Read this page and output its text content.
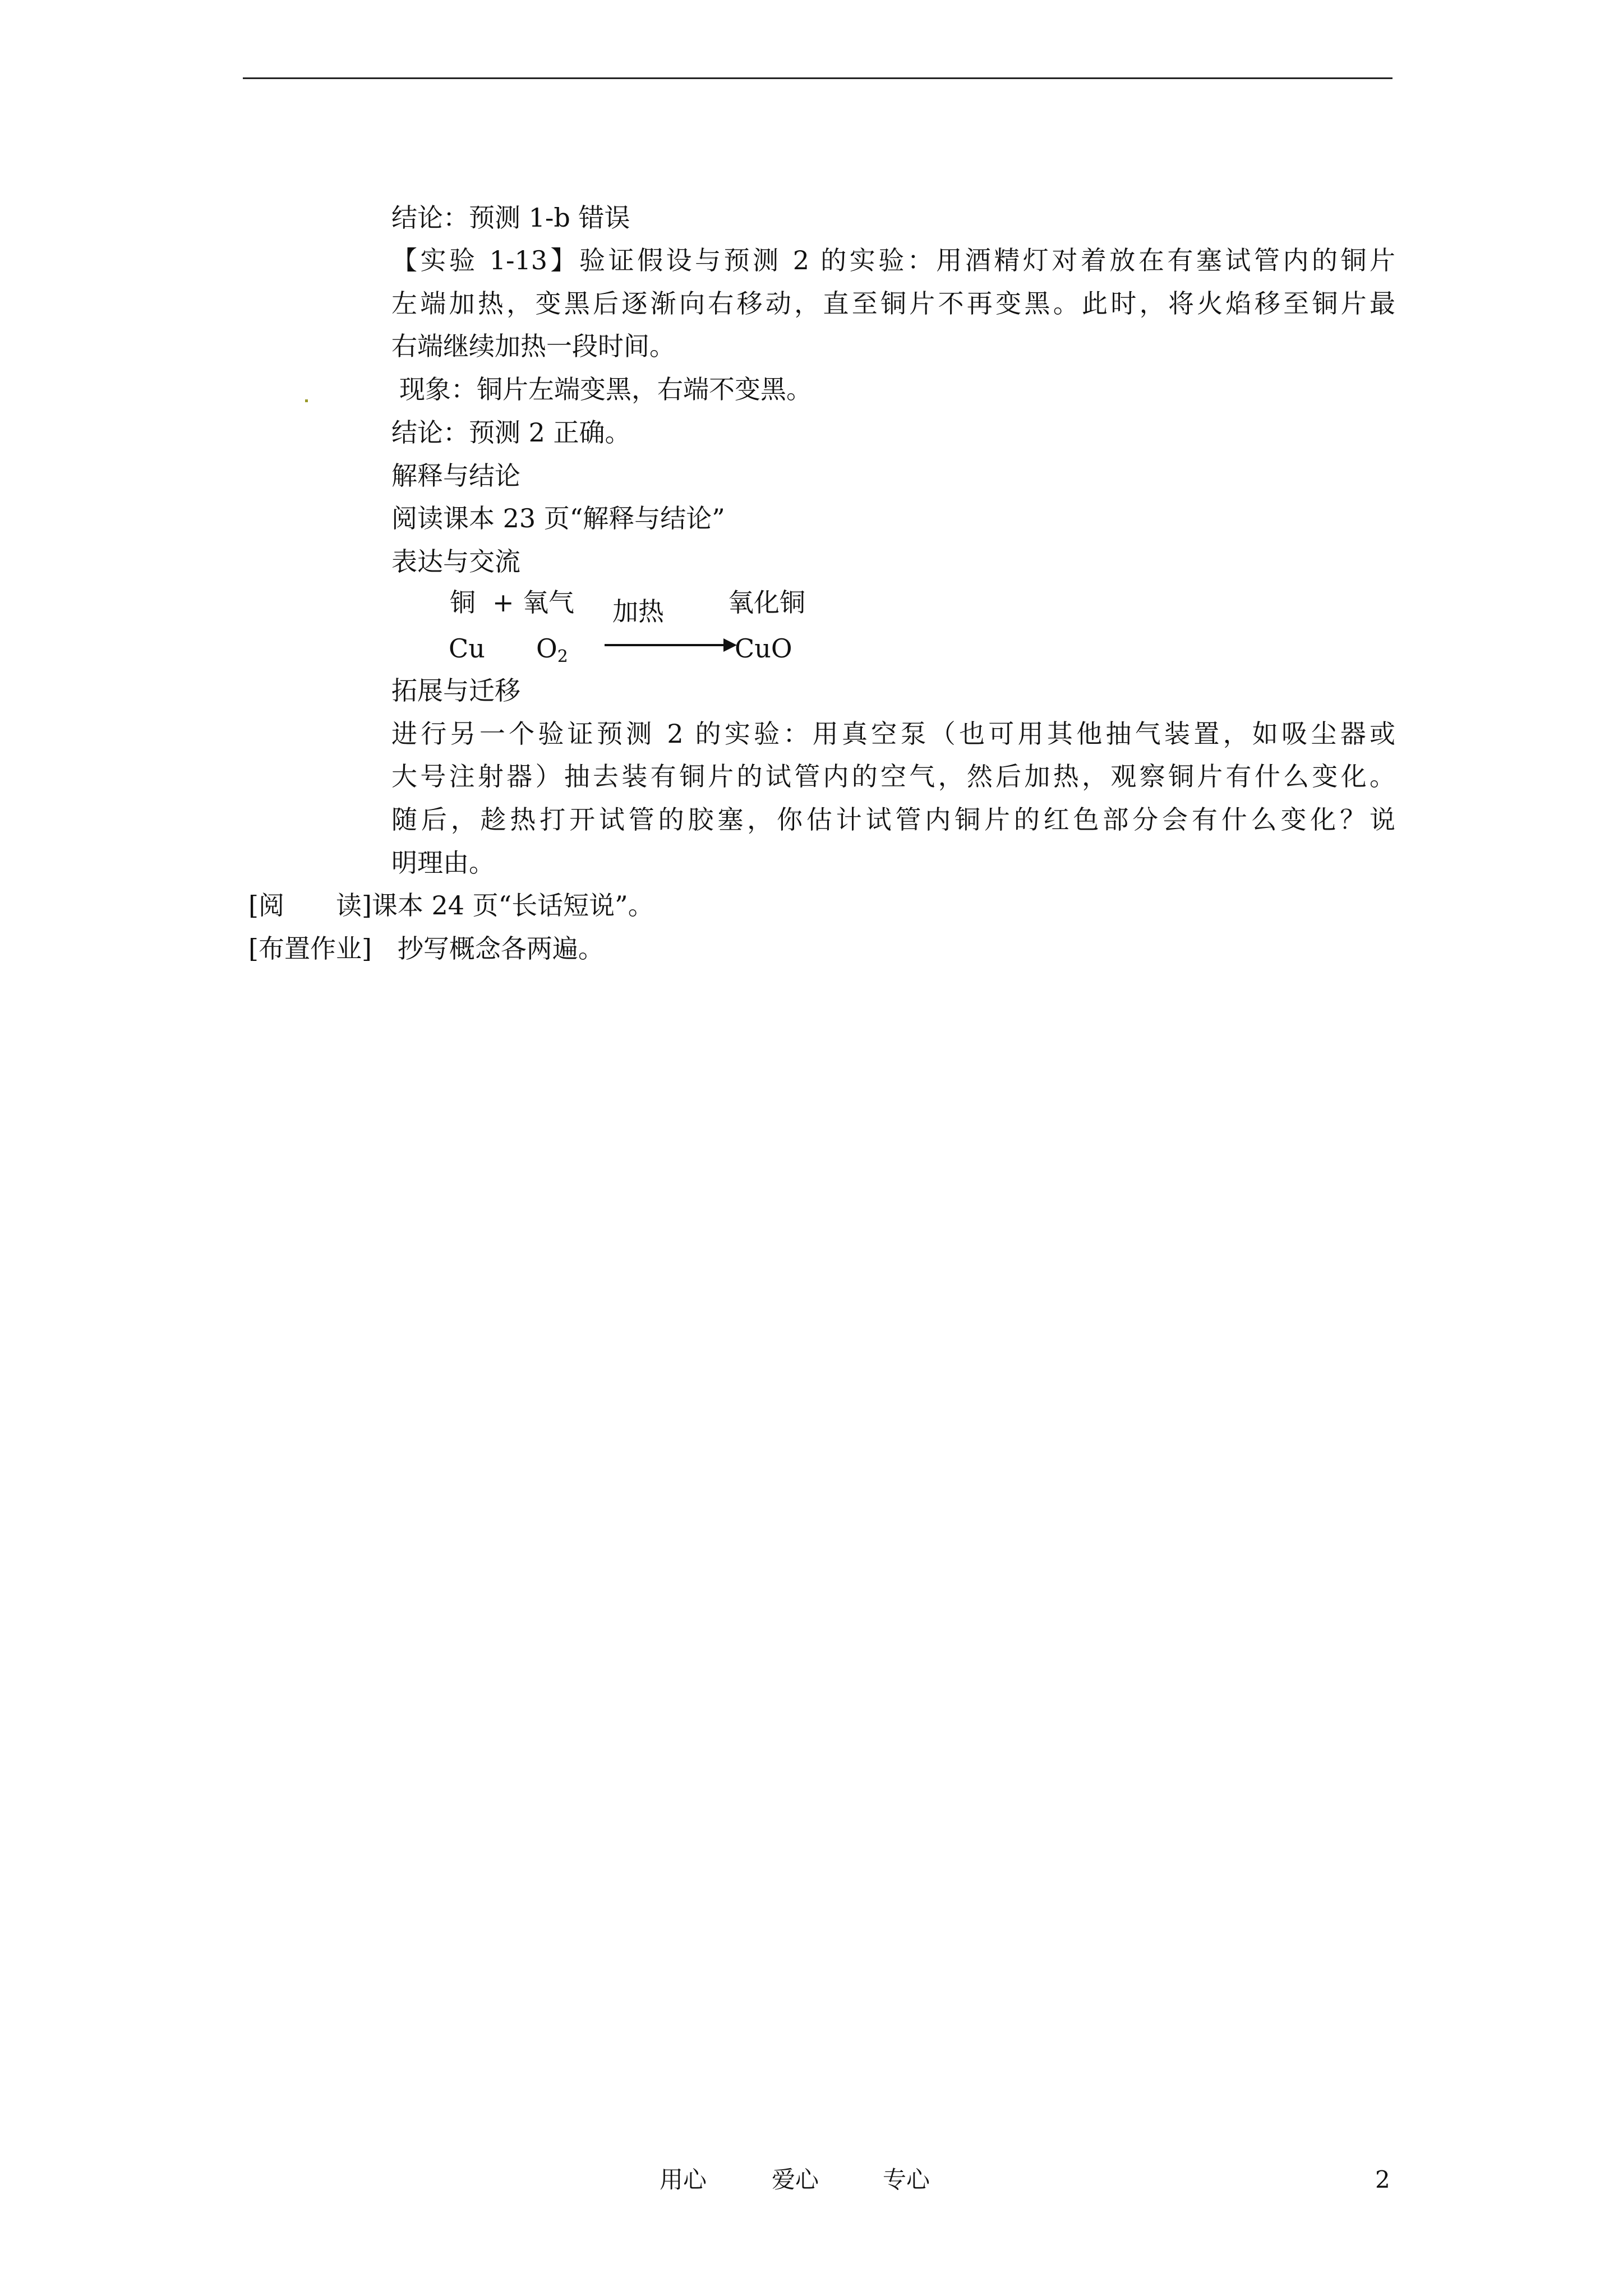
结论：预测 1-b 错误
【实验 1-13】验证假设与预测 2 的实验：用酒精灯对着放在有塞试管内的铜片
左端加热，变黑后逐渐向右移动，直至铜片不再变黑。此时，将火焰移至铜片最
右端继续加热一段时间。
现象：铜片左端变黑，右端不变黑。
结论：预测 2 正确。
解释与结论
阅读课本 23 页“解释与结论”
表达与交流
铜 + 氧气 加热 氧化铜
Cu $O_2$	CuO
拓展与迁移
进行另一个验证预测 2 的实验：用真空泵（也可用其他抽气装置，如吸尘器或
大号注射器）抽去装有铜片的试管内的空气，然后加热，观察铜片有什么变化。
随后，趁热打开试管的胶塞，你估计试管内铜片的红色部分会有什么变化？说
明理由。
[阅　　读]课本 24 页“长话短说”。
[布置作业]　抄写概念各两遍。
用心	爱心	专心	2
